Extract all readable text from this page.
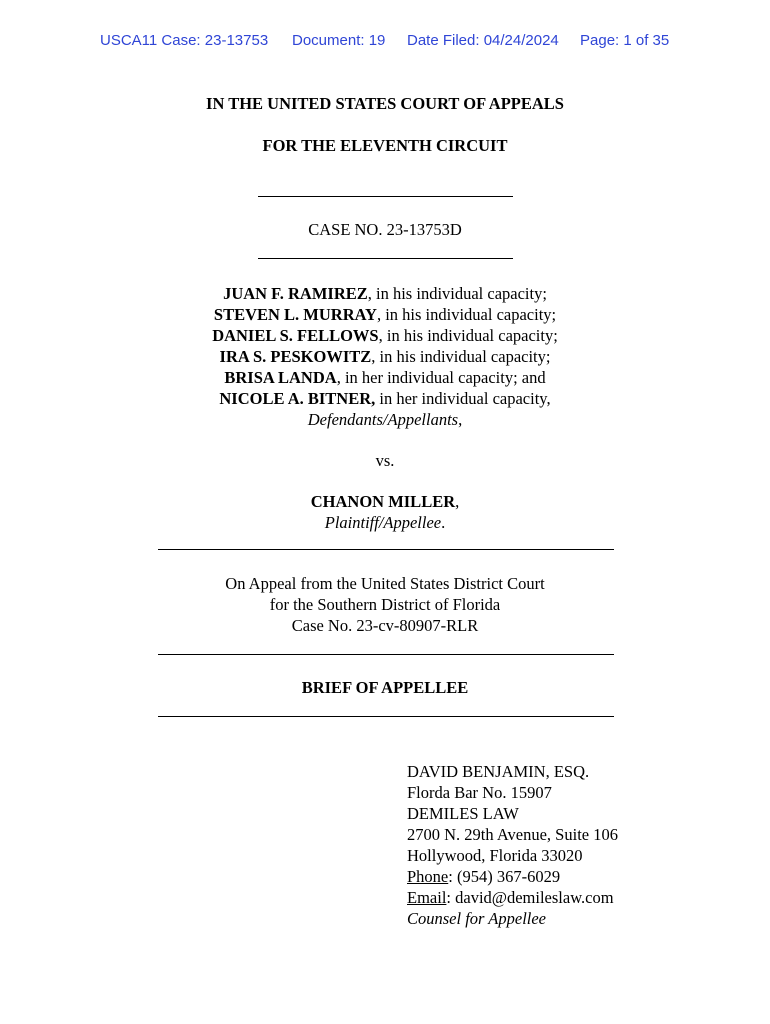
USCA11 Case: 23-13753 Document: 19 Date Filed: 04/24/2024 Page: 1 of 35
IN THE UNITED STATES COURT OF APPEALS
FOR THE ELEVENTH CIRCUIT
CASE NO. 23-13753D
JUAN F. RAMIREZ, in his individual capacity;
STEVEN L. MURRAY, in his individual capacity;
DANIEL S. FELLOWS, in his individual capacity;
IRA S. PESKOWITZ, in his individual capacity;
BRISA LANDA, in her individual capacity; and
NICOLE A. BITNER, in her individual capacity,
Defendants/Appellants,
vs.
CHANON MILLER,
Plaintiff/Appellee.
On Appeal from the United States District Court
for the Southern District of Florida
Case No. 23-cv-80907-RLR
BRIEF OF APPELLEE
DAVID BENJAMIN, ESQ.
Florda Bar No. 15907
DEMILES LAW
2700 N. 29th Avenue, Suite 106
Hollywood, Florida 33020
Phone: (954) 367-6029
Email: david@demileslaw.com
Counsel for Appellee
